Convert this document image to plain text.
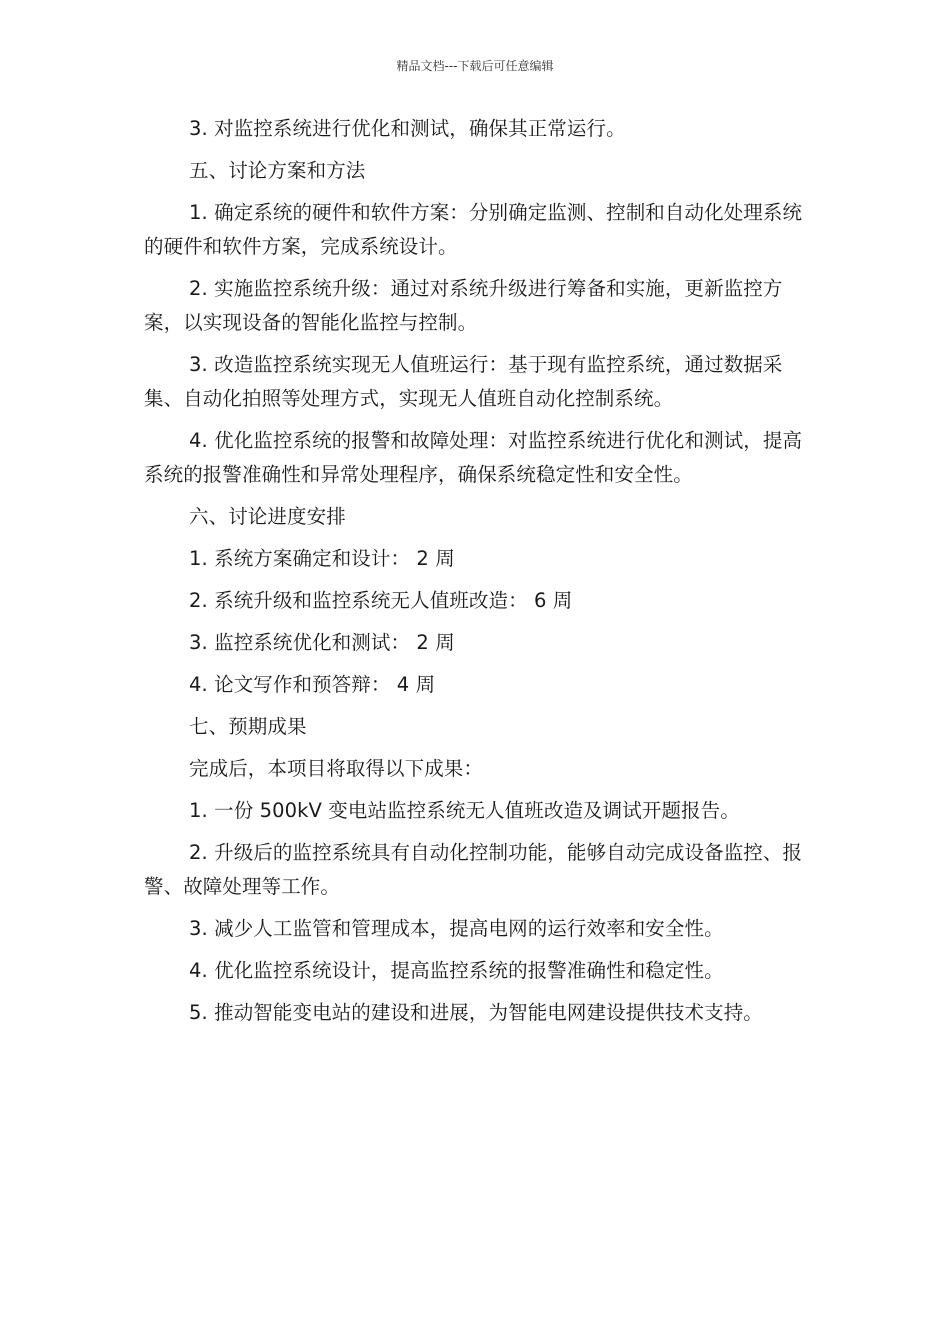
精品文档---下载后可任意编辑

3. 对监控系统进行优化和测试，确保其正常运行。

五、讨论方案和方法

1. 确定系统的硬件和软件方案：分别确定监测、控制和自动化处理系统的硬件和软件方案，完成系统设计。

2. 实施监控系统升级：通过对系统升级进行筹备和实施，更新监控方案，以实现设备的智能化监控与控制。

3. 改造监控系统实现无人值班运行：基于现有监控系统，通过数据采集、自动化拍照等处理方式，实现无人值班自动化控制系统。

4. 优化监控系统的报警和故障处理：对监控系统进行优化和测试，提高系统的报警准确性和异常处理程序，确保系统稳定性和安全性。

六、讨论进度安排

1. 系统方案确定和设计： 2 周

2. 系统升级和监控系统无人值班改造： 6 周

3. 监控系统优化和测试： 2 周

4. 论文写作和预答辩： 4 周

七、预期成果

完成后，本项目将取得以下成果：

1. 一份 500kV 变电站监控系统无人值班改造及调试开题报告。

2. 升级后的监控系统具有自动化控制功能，能够自动完成设备监控、报警、故障处理等工作。

3. 减少人工监管和管理成本，提高电网的运行效率和安全性。

4. 优化监控系统设计，提高监控系统的报警准确性和稳定性。

5. 推动智能变电站的建设和进展，为智能电网建设提供技术支持。
